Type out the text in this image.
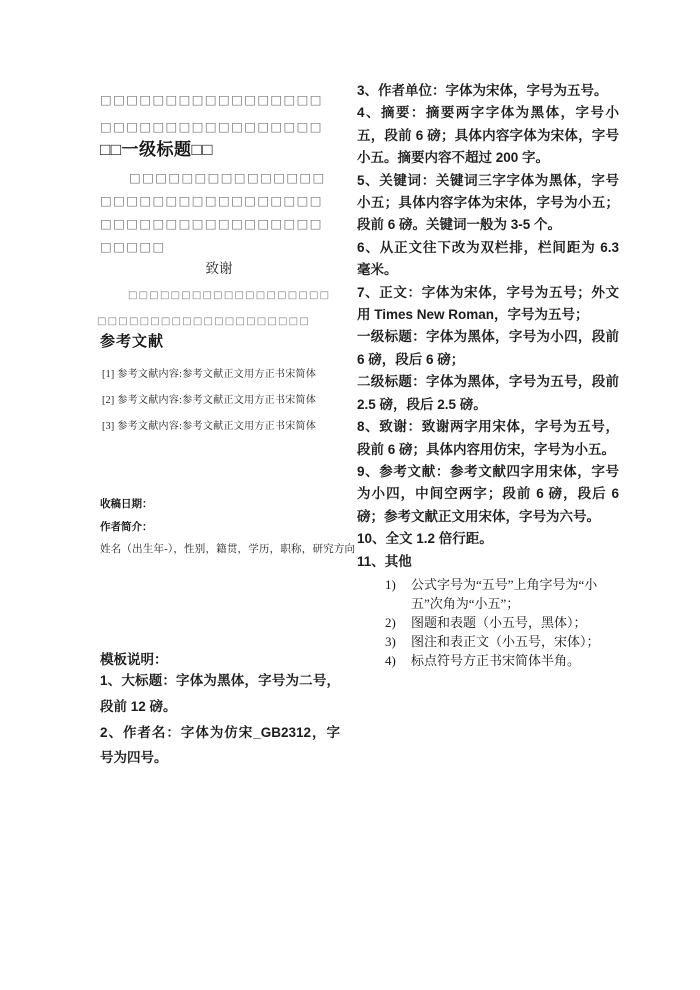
□□□□□□□□□□□□□□□□□
□□□□□□□□□□□□□□□□□
□□一级标题□□
□□□□□□□□□□□□□□□
□□□□□□□□□□□□□□□□□
□□□□□□□□□□□□□□□□□
□□□□□
致谢
□□□□□□□□□□□□□□□□□□□
□□□□□□□□□□□□□□□□□□□□
参考文献
[1] 参考文献内容:参考文献正文用方正书宋简体
[2] 参考文献内容:参考文献正文用方正书宋简体
[3] 参考文献内容:参考文献正文用方正书宋简体
收稿日期：
作者简介：
姓名（出生年-），性别，籍贯，学历，职称，研究方向
模板说明：
1、大标题：字体为黑体，字号为二号，段前 12 磅。
2、作者名：字体为仿宋_GB2312，字号为四号。

3、作者单位：字体为宋体，字号为五号。

4、摘要：摘要两字字体为黑体，字号小五，段前 6 磅；具体内容字体为宋体，字号小五。摘要内容不超过 200 字。

5、关键词：关键词三字字体为黑体，字号小五；具体内容字体为宋体，字号为小五；段前 6 磅。关键词一般为 3-5 个。

6、从正文往下改为双栏排，栏间距为 6.3 毫米。

7、正文：字体为宋体，字号为五号；外文用 Times New Roman，字号为五号；

一级标题：字体为黑体，字号为小四，段前 6 磅，段后 6 磅；

二级标题：字体为黑体，字号为五号，段前 2.5 磅，段后 2.5 磅。

8、致谢：致谢两字用宋体，字号为五号，段前 6 磅；具体内容用仿宋，字号为小五。

9、参考文献：参考文献四字用宋体，字号为小四，中间空两字；段前 6 磅，段后 6 磅；参考文献正文用宋体，字号为六号。

10、全文 1.2 倍行距。

11、其他

1)	公式字号为“五号”上角字号为“小五”次角为“小五”；
2)	图题和表题（小五号，黑体）；
3)	图注和表正文（小五号，宋体）；
4)	标点符号方正书宋简体半角。
